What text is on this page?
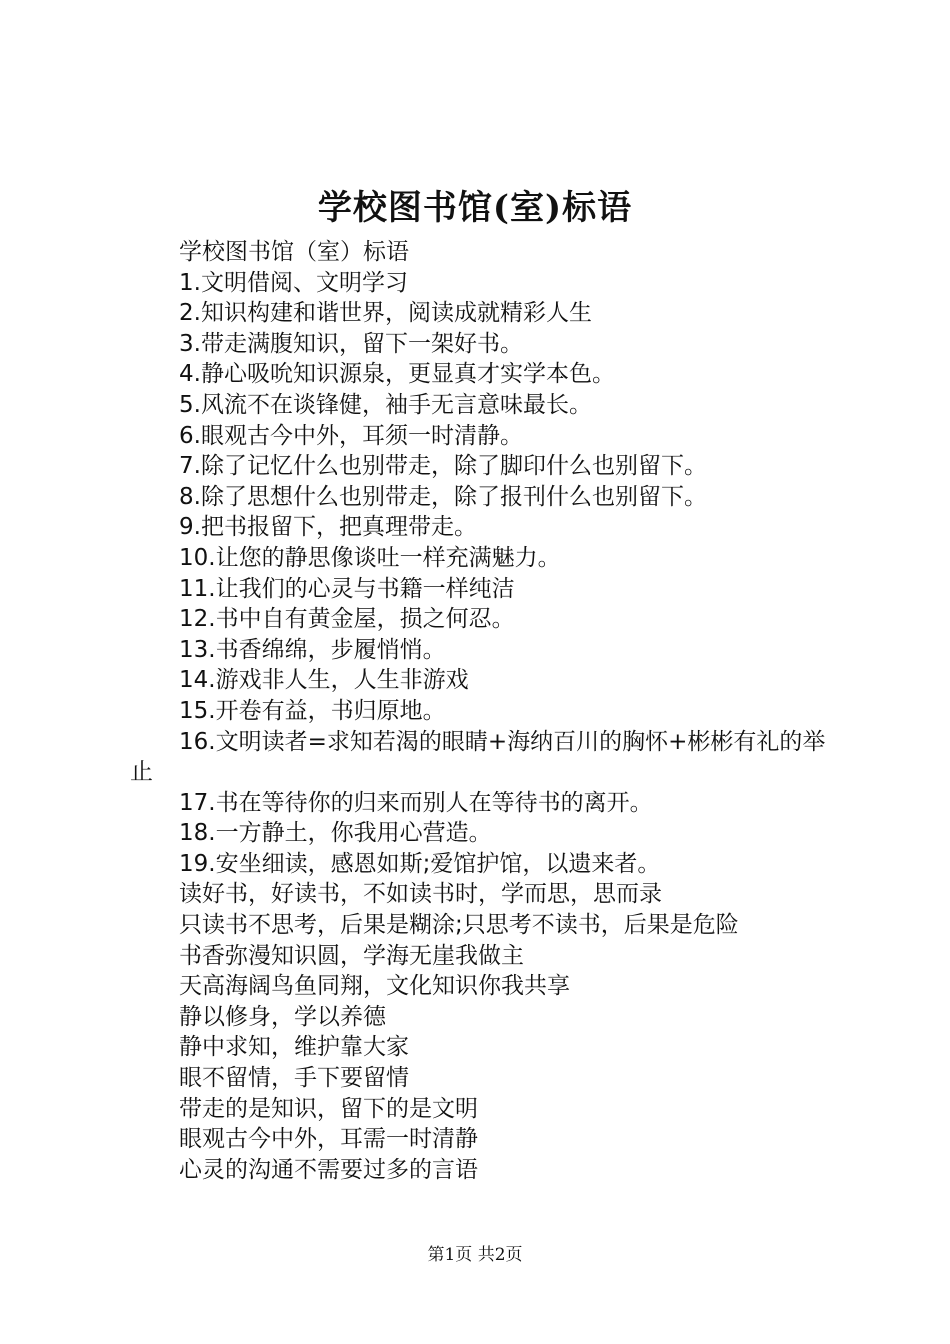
学校图书馆(室)标语
学校图书馆（室）标语
1.文明借阅、文明学习
2.知识构建和谐世界，阅读成就精彩人生
3.带走满腹知识，留下一架好书。
4.静心吸吮知识源泉，更显真才实学本色。
5.风流不在谈锋健，袖手无言意味最长。
6.眼观古今中外，耳须一时清静。
7.除了记忆什么也别带走，除了脚印什么也别留下。
8.除了思想什么也别带走，除了报刊什么也别留下。
9.把书报留下，把真理带走。
10.让您的静思像谈吐一样充满魅力。
11.让我们的心灵与书籍一样纯洁
12.书中自有黄金屋，损之何忍。
13.书香绵绵，步履悄悄。
14.游戏非人生，人生非游戏
15.开卷有益，书归原地。
16.文明读者=求知若渴的眼睛+海纳百川的胸怀+彬彬有礼的举止
17.书在等待你的归来而别人在等待书的离开。
18.一方静土，你我用心营造。
19.安坐细读，感恩如斯;爱馆护馆，以遗来者。
读好书，好读书，不如读书时，学而思，思而录
只读书不思考，后果是糊涂;只思考不读书，后果是危险
书香弥漫知识圆，学海无崖我做主
天高海阔鸟鱼同翔，文化知识你我共享
静以修身，学以养德
静中求知，维护靠大家
眼不留情，手下要留情
带走的是知识，留下的是文明
眼观古今中外，耳需一时清静
心灵的沟通不需要过多的言语
第1页 共2页
